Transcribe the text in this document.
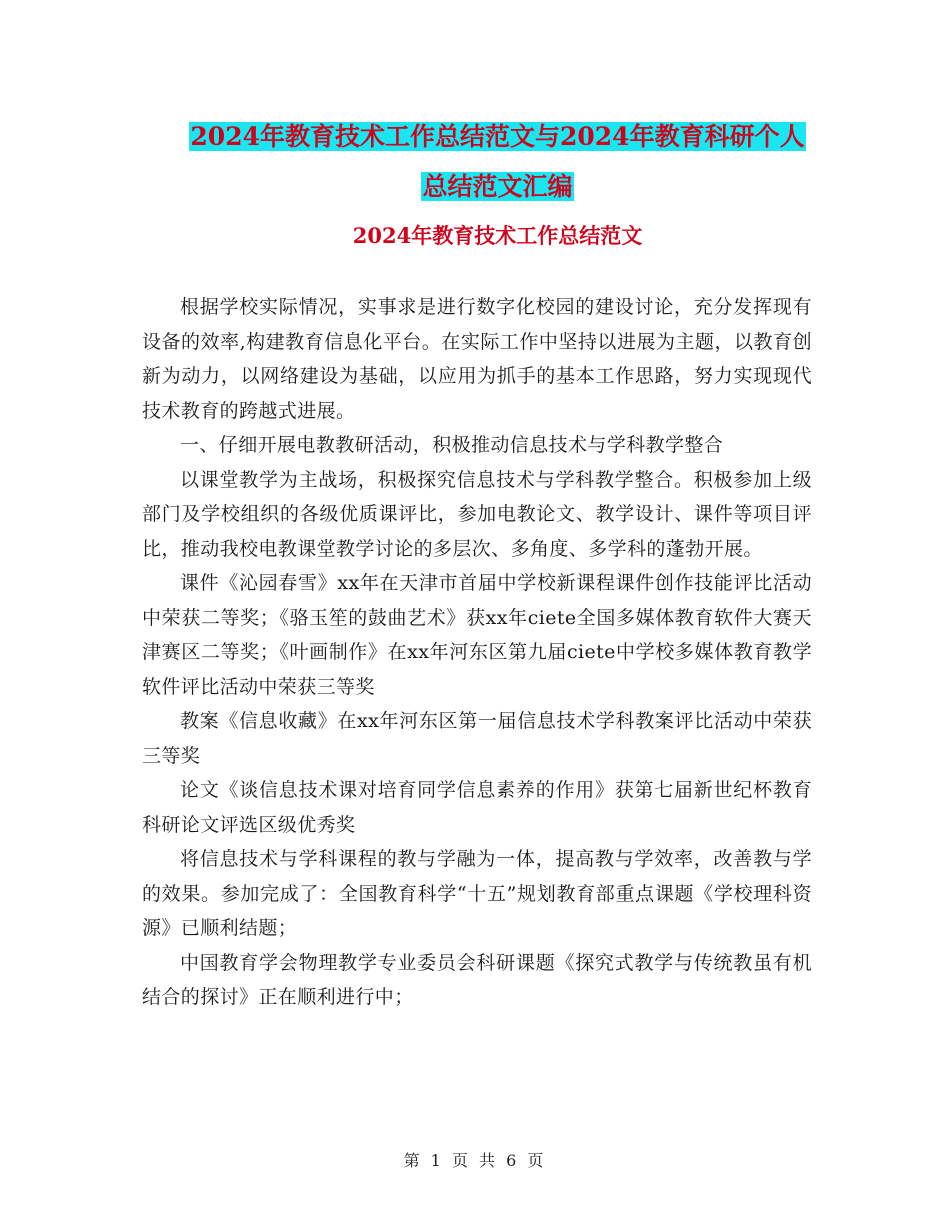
2024年教育技术工作总结范文与2024年教育科研个人
总结范文汇编
2024年教育技术工作总结范文

根据学校实际情况，实事求是进行数字化校园的建设讨论，充分发挥现有设备的效率,构建教育信息化平台。在实际工作中坚持以进展为主题，以教育创新为动力，以网络建设为基础，以应用为抓手的基本工作思路，努力实现现代技术教育的跨越式进展。

一、仔细开展电教教研活动，积极推动信息技术与学科教学整合

以课堂教学为主战场，积极探究信息技术与学科教学整合。积极参加上级部门及学校组织的各级优质课评比，参加电教论文、教学设计、课件等项目评比，推动我校电教课堂教学讨论的多层次、多角度、多学科的蓬勃开展。

课件《沁园春雪》xx年在天津市首届中学校新课程课件创作技能评比活动中荣获二等奖；《骆玉笙的鼓曲艺术》获xx年ciete全国多媒体教育软件大赛天津赛区二等奖；《叶画制作》在xx年河东区第九届ciete中学校多媒体教育教学软件评比活动中荣获三等奖

教案《信息收藏》在xx年河东区第一届信息技术学科教案评比活动中荣获三等奖

论文《谈信息技术课对培育同学信息素养的作用》获第七届新世纪杯教育科研论文评选区级优秀奖

将信息技术与学科课程的教与学融为一体，提高教与学效率，改善教与学的效果。参加完成了：全国教育科学“十五”规划教育部重点课题《学校理科资源》已顺利结题；

中国教育学会物理教学专业委员会科研课题《探究式教学与传统教虽有机结合的探讨》正在顺利进行中；

第 1 页 共 6 页
